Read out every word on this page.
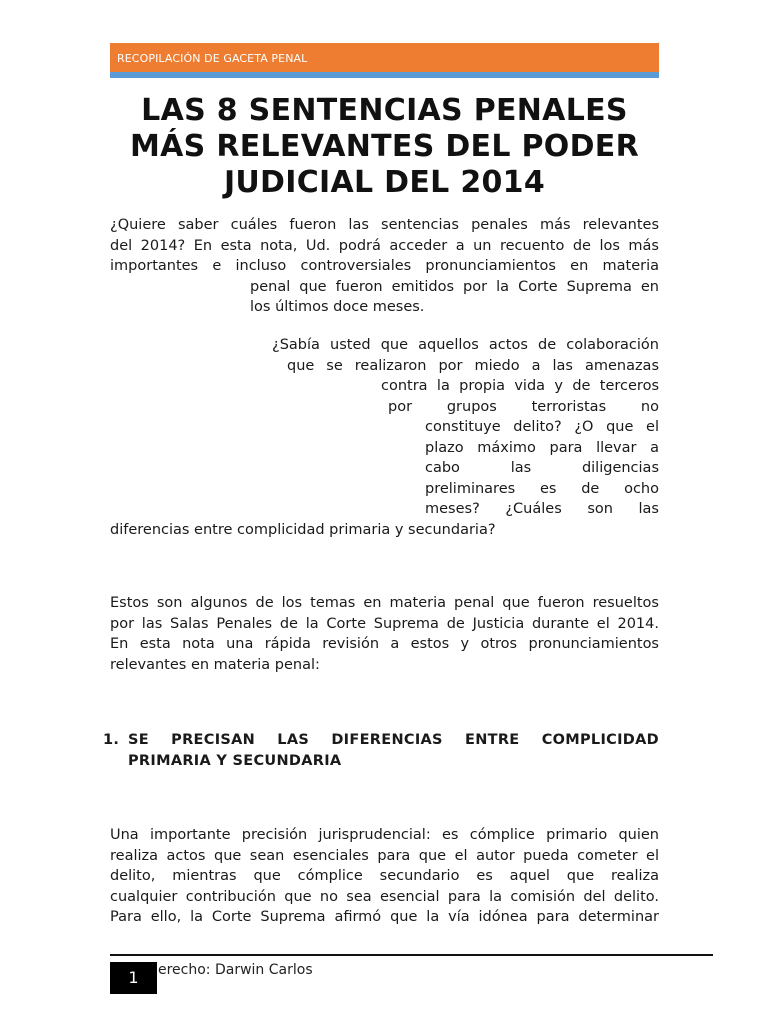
RECOPILACIÓN DE GACETA PENAL
LAS 8 SENTENCIAS PENALES
MÁS RELEVANTES DEL PODER
JUDICIAL DEL 2014
¿Quiere saber cuáles fueron las sentencias penales más relevantes
del 2014? En esta nota, Ud. podrá acceder a un recuento de los más
importantes e incluso controversiales pronunciamientos en materia
penal que fueron emitidos por la Corte Suprema en
los últimos doce meses.
¿Sabía usted que aquellos actos de colaboración
que se realizaron por miedo a las amenazas
contra la propia vida y de terceros
por grupos terroristas no
constituye delito? ¿O que el
plazo máximo para llevar a
cabo las diligencias
preliminares es de ocho
meses? ¿Cuáles son las
diferencias entre complicidad primaria y secundaria?
Estos son algunos de los temas en materia penal que fueron resueltos
por las Salas Penales de la Corte Suprema de Justicia durante el 2014.
En esta nota una rápida revisión a estos y otros pronunciamientos
relevantes en materia penal:
1. SE PRECISAN LAS DIFERENCIAS ENTRE COMPLICIDAD
PRIMARIA Y SECUNDARIA
Una importante precisión jurisprudencial: es cómplice primario quien
realiza actos que sean esenciales para que el autor pueda cometer el
delito, mientras que cómplice secundario es aquel que realiza
cualquier contribución que no sea esencial para la comisión del delito.
Para ello, la Corte Suprema afirmó que la vía idónea para determinar
1	erecho: Darwin Carlos
